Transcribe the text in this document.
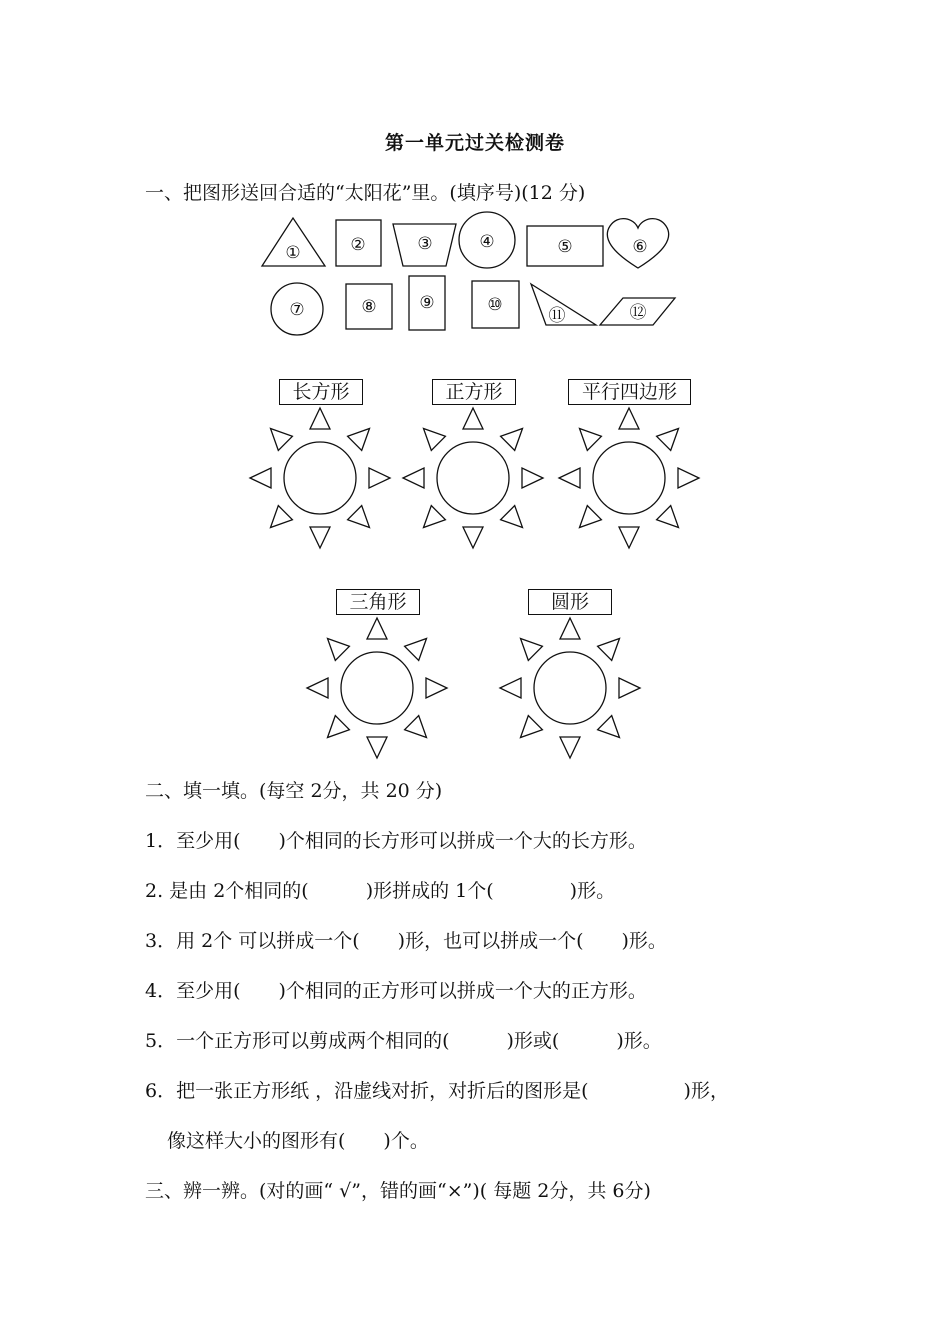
第一单元过关检测卷
一、把图形送回合适的“太阳花”里。(填序号)(12 分)
①	②	③	④	⑤	⑥
⑦	⑧	⑨	⑩
⑪	⑫
长方形	正方形	平行四边形
三角形	圆形
二、填一填。(每空 2分，共 20 分)
1．至少用(　　)个相同的长方形可以拼成一个大的长方形。
2. 是由 2个相同的(　　　)形拼成的 1个(　　　　)形。
3．用 2个 可以拼成一个(　　)形，也可以拼成一个(　　)形。
4．至少用(　　)个相同的正方形可以拼成一个大的正方形。
5．一个正方形可以剪成两个相同的(　　　)形或(　　　)形。
6．把一张正方形纸 ，沿虚线对折，对折后的图形是(　　　　　)形，
像这样大小的图形有(　　)个。
三、辨一辨。(对的画“ √”，错的画“×”)( 每题 2分，共 6分)
